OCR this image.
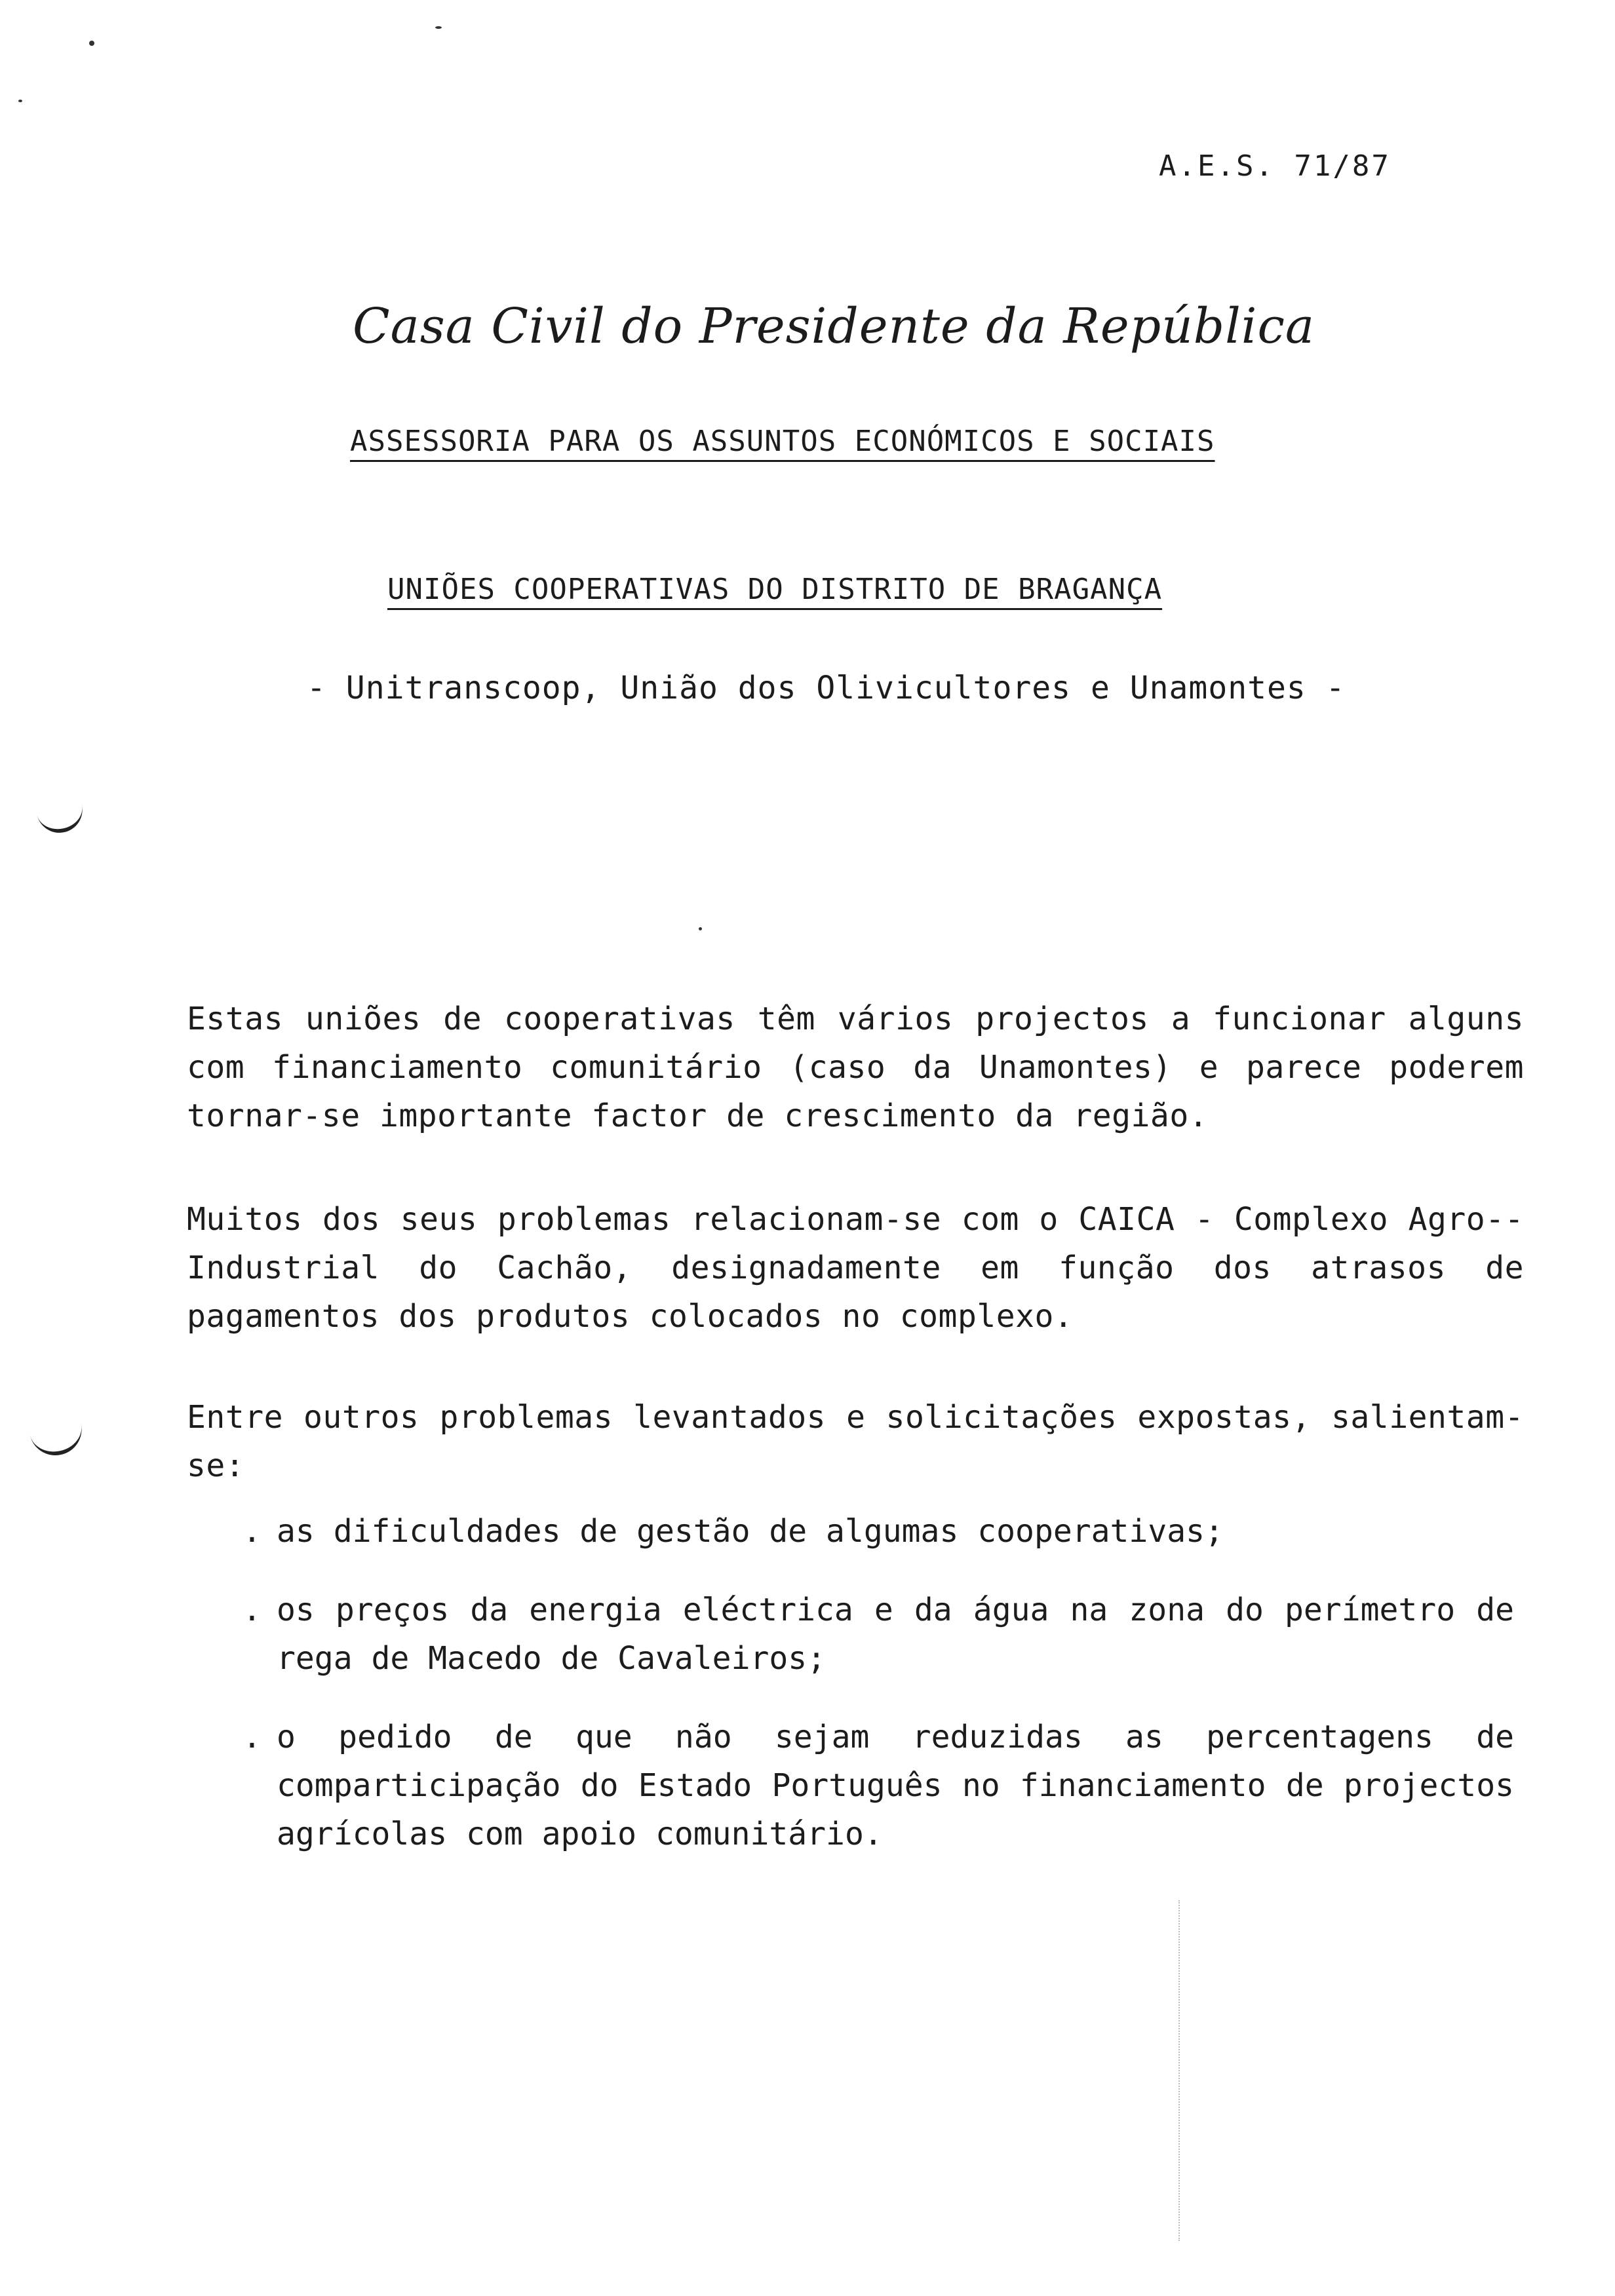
A.E.S. 71/87
Casa Civil do Presidente da República
ASSESSORIA PARA OS ASSUNTOS ECONÓMICOS E SOCIAIS
UNIÕES COOPERATIVAS DO DISTRITO DE BRAGANÇA
- Unitranscoop, União dos Olivicultores e Unamontes -

Estas uniões de cooperativas têm vários projectos a funcionar alguns com financiamento comunitário (caso da Unamontes) e parece poderem tornar-se importante factor de crescimento da região.

Muitos dos seus problemas relacionam-se com o CAICA - Complexo Agro--Industrial do Cachão, designadamente em função dos atrasos de pagamentos dos produtos colocados no complexo.

Entre outros problemas levantados e solicitações expostas, salientam-se:

. as dificuldades de gestão de algumas cooperativas;
. os preços da energia eléctrica e da água na zona do perímetro de rega de Macedo de Cavaleiros;
. o pedido de que não sejam reduzidas as percentagens de comparticipação do Estado Português no financiamento de projectos agrícolas com apoio comunitário.
